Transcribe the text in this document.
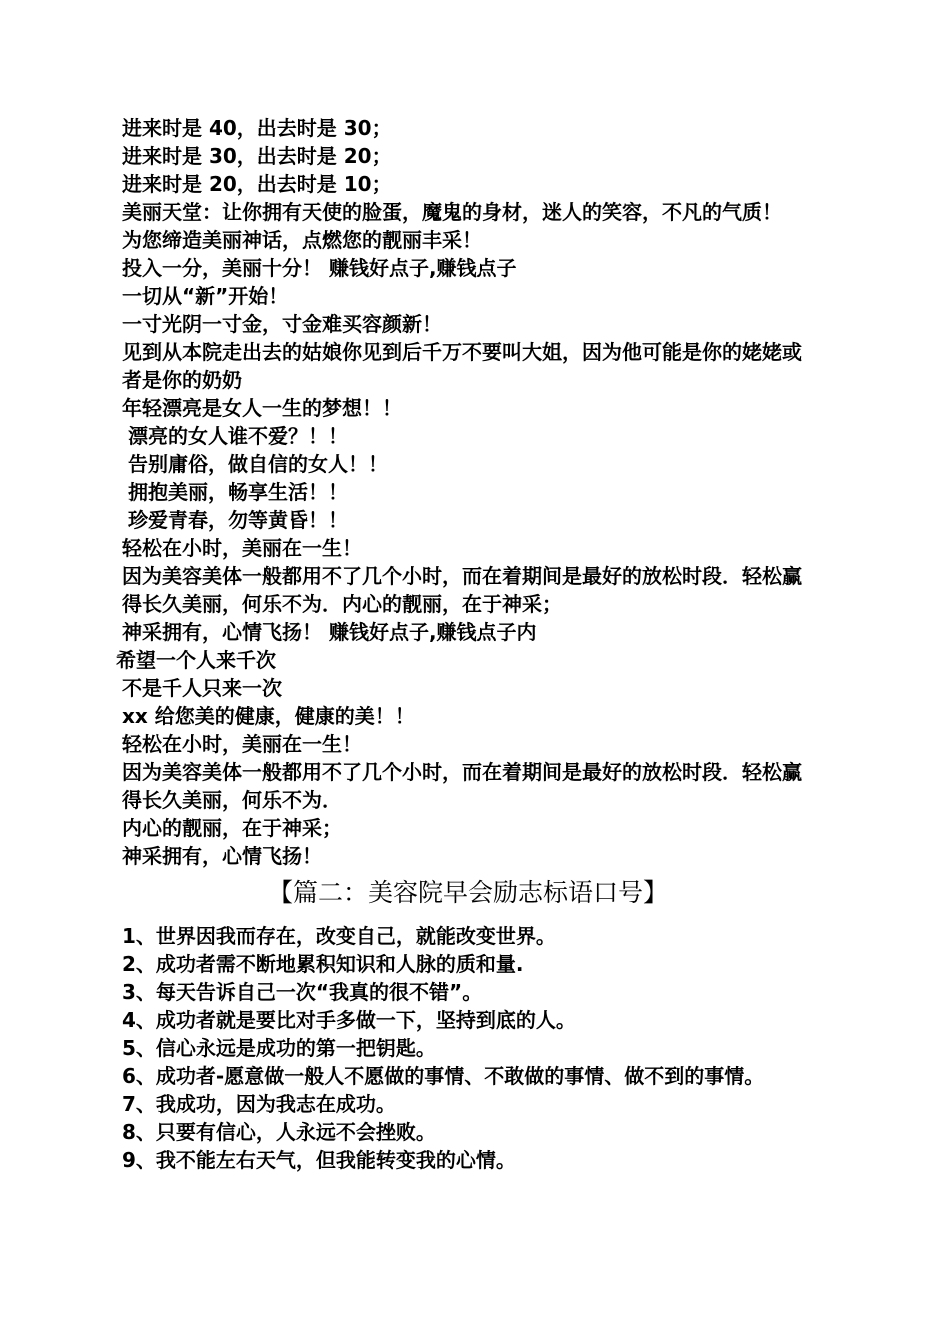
进来时是 40，出去时是 30；

进来时是 30，出去时是 20；

进来时是 20，出去时是 10；

美丽天堂：让你拥有天使的脸蛋，魔鬼的身材，迷人的笑容，不凡的气质！

为您缔造美丽神话，点燃您的靓丽丰采！

投入一分，美丽十分！ 赚钱好点子,赚钱点子

一切从“新”开始！

一寸光阴一寸金，寸金难买容颜新！

见到从本院走出去的姑娘你见到后千万不要叫大姐，因为他可能是你的姥姥或者是你的奶奶

年轻漂亮是女人一生的梦想！！

漂亮的女人谁不爱？！！

告别庸俗，做自信的女人！！

拥抱美丽，畅享生活！！

珍爱青春，勿等黄昏！！

轻松在小时，美丽在一生！

因为美容美体一般都用不了几个小时，而在着期间是最好的放松时段．轻松赢得长久美丽，何乐不为．内心的靓丽，在于神采；

神采拥有，心情飞扬！ 赚钱好点子,赚钱点子内

希望一个人来千次

不是千人只来一次

xx 给您美的健康，健康的美！！

轻松在小时，美丽在一生！

因为美容美体一般都用不了几个小时，而在着期间是最好的放松时段．轻松赢得长久美丽，何乐不为．

内心的靓丽，在于神采；

神采拥有，心情飞扬！

【篇二：美容院早会励志标语口号】

1、世界因我而存在，改变自己，就能改变世界。

2、成功者需不断地累积知识和人脉的质和量.

3、每天告诉自己一次“我真的很不错”。

4、成功者就是要比对手多做一下，坚持到底的人。

5、信心永远是成功的第一把钥匙。

6、成功者-愿意做一般人不愿做的事情、不敢做的事情、做不到的事情。

7、我成功，因为我志在成功。

8、只要有信心，人永远不会挫败。

9、我不能左右天气，但我能转变我的心情。
